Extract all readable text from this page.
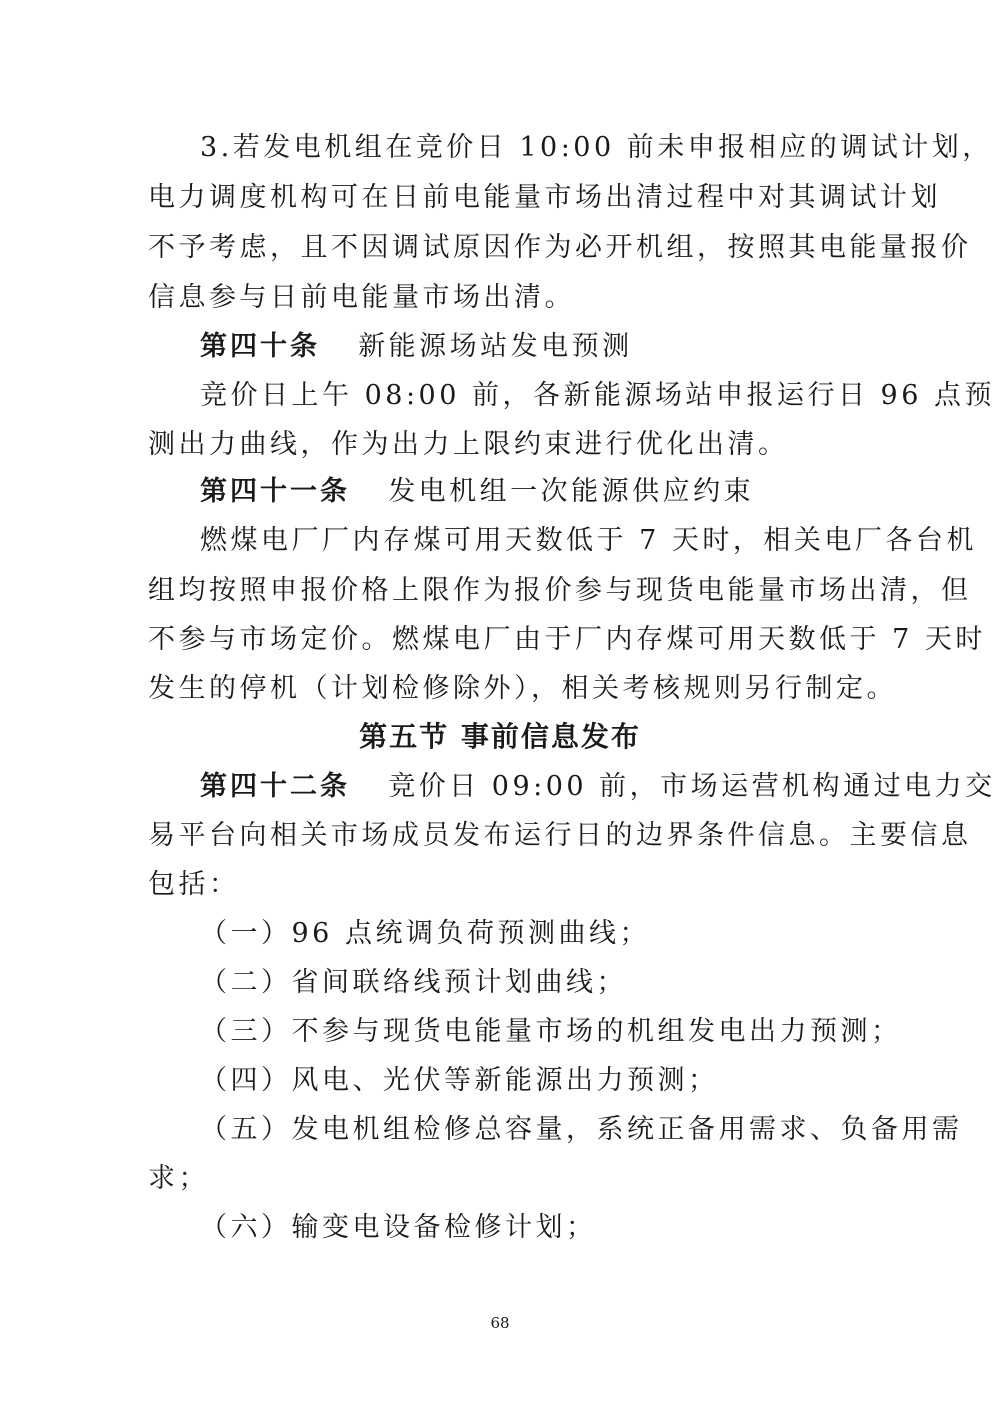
3.若发电机组在竞价日 10:00 前未申报相应的调试计划，
电力调度机构可在日前电能量市场出清过程中对其调试计划
不予考虑，且不因调试原因作为必开机组，按照其电能量报价
信息参与日前电能量市场出清。
第四十条 新能源场站发电预测
竞价日上午 08:00 前，各新能源场站申报运行日 96 点预
测出力曲线，作为出力上限约束进行优化出清。
第四十一条 发电机组一次能源供应约束
燃煤电厂厂内存煤可用天数低于 7 天时，相关电厂各台机
组均按照申报价格上限作为报价参与现货电能量市场出清，但
不参与市场定价。燃煤电厂由于厂内存煤可用天数低于 7 天时
发生的停机（计划检修除外），相关考核规则另行制定。
第五节 事前信息发布
第四十二条 竞价日 09:00 前，市场运营机构通过电力交
易平台向相关市场成员发布运行日的边界条件信息。主要信息
包括：
（一）96 点统调负荷预测曲线；
（二）省间联络线预计划曲线；
（三）不参与现货电能量市场的机组发电出力预测；
（四）风电、光伏等新能源出力预测；
（五）发电机组检修总容量，系统正备用需求、负备用需
求；
（六）输变电设备检修计划；
68
